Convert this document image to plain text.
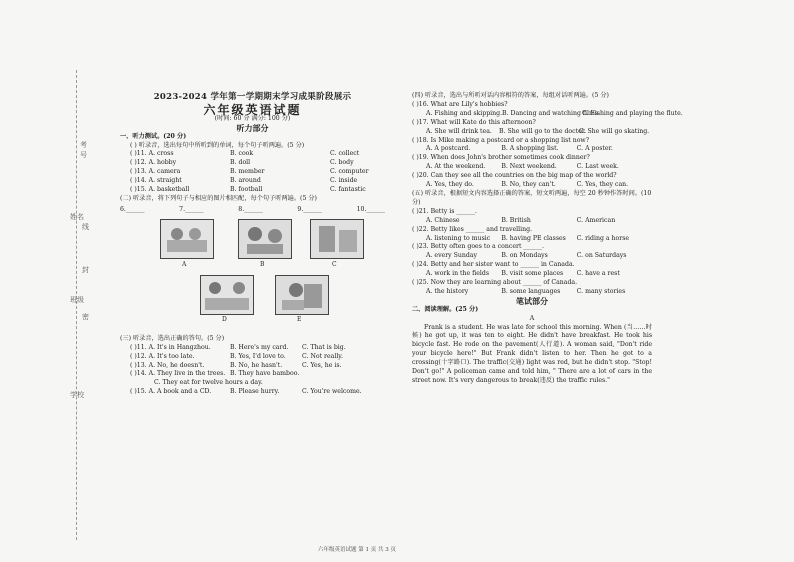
考号
姓名
线
封
班级
密
学校
2023-2024 学年第一学期期末学习成果阶段展示
六年级英语试题
(时间: 60 分 满分: 100 分)
听力部分
一、听力测试。(20 分)
( ) 听录音，选出每句中所听到的单词，每个句子听两遍。(5 分)
( )11. A. cross	B. cook	C. collect
( )12. A. hobby	B. doll	C. body
( )13. A. camera	B. member	C. computer
( )14. A. straight	B. around	C. inside
( )15. A. basketball	B. football	C. fantastic
(二) 听录音，将下列句子与相应的图片相匹配，每个句子听两遍。(5 分)
6.______	7.______	8.______	9.______	10.______
A	B	C
D	E
(三) 听录音，选出正确的答句。(5 分)
( )11. A. It's in Hangzhou.	B. Here's my card.	C. That is big.
( )12. A. It's too late.	B. Yes, I'd love to.	C. Not really.
( )13. A. No, he doesn't.	B. No, he hasn't.	C. Yes, he is.
( )14. A. They live in the trees. B. They have bamboo.
C. They eat for twelve hours a day.
( )15. A. A book and a CD.	B. Please hurry.	C. You're welcome.
(四) 听录音，选出与所听对话内容相符的答案，每组对话听两遍。(5 分)
( )16. What are Lily's hobbies?
A. Fishing and skipping. B. Dancing and watching films.
C. Fishing and playing the flute.
( )17. What will Kate do this afternoon?
A. She will drink tea.	B. She will go to the doctor.
C. She will go skating.
( )18. Is Mike making a postcard or a shopping list now?
A. A postcard.	B. A shopping list.	C. A poster.
( )19. When does John's brother sometimes cook dinner?
A. At the weekend.	B. Next weekend.	C. Last week.
( )20. Can they see all the countries on the big map of the world?
A. Yes, they do.	B. No, they can't.	C. Yes, they can.
(五) 听录音，根据短文内容选择正确的答案，短文听两遍，每空 20 秒钟作答时间。(10 分)
( )21. Betty is ______.
A. Chinese	B. British	C. American
( )22. Betty likes ______ and travelling.
A. listening to music	B. having PE classes	C. riding a horse
( )23. Betty often goes to a concert ______.
A. every Sunday	B. on Mondays	C. on Saturdays
( )24. Betty and her sister want to ______ in Canada.
A. work in the fields	B. visit some places	C. have a rest
( )25. Now they are learning about ______ of Canada.
A. the history	B. some languages	C. many stories
笔试部分
二、阅读理解。(25 分)
A
Frank is a student. He was late for school this morning. When (当……时候) he got up, it was ten to eight. He didn't have breakfast. He took his bicycle fast. He rode on the pavement(人行道). A woman said, "Don't ride your bicycle here!" But Frank didn't listen to her. Then he got to a crossing(十字路口). The traffic(交通) light was red, but he didn't stop. "Stop! Don't go!" A policeman came and told him, " There are a lot of cars in the street now. It's very dangerous to break(违反) the traffic rules."
六年级英语试题 第 1 页 共 3 页
